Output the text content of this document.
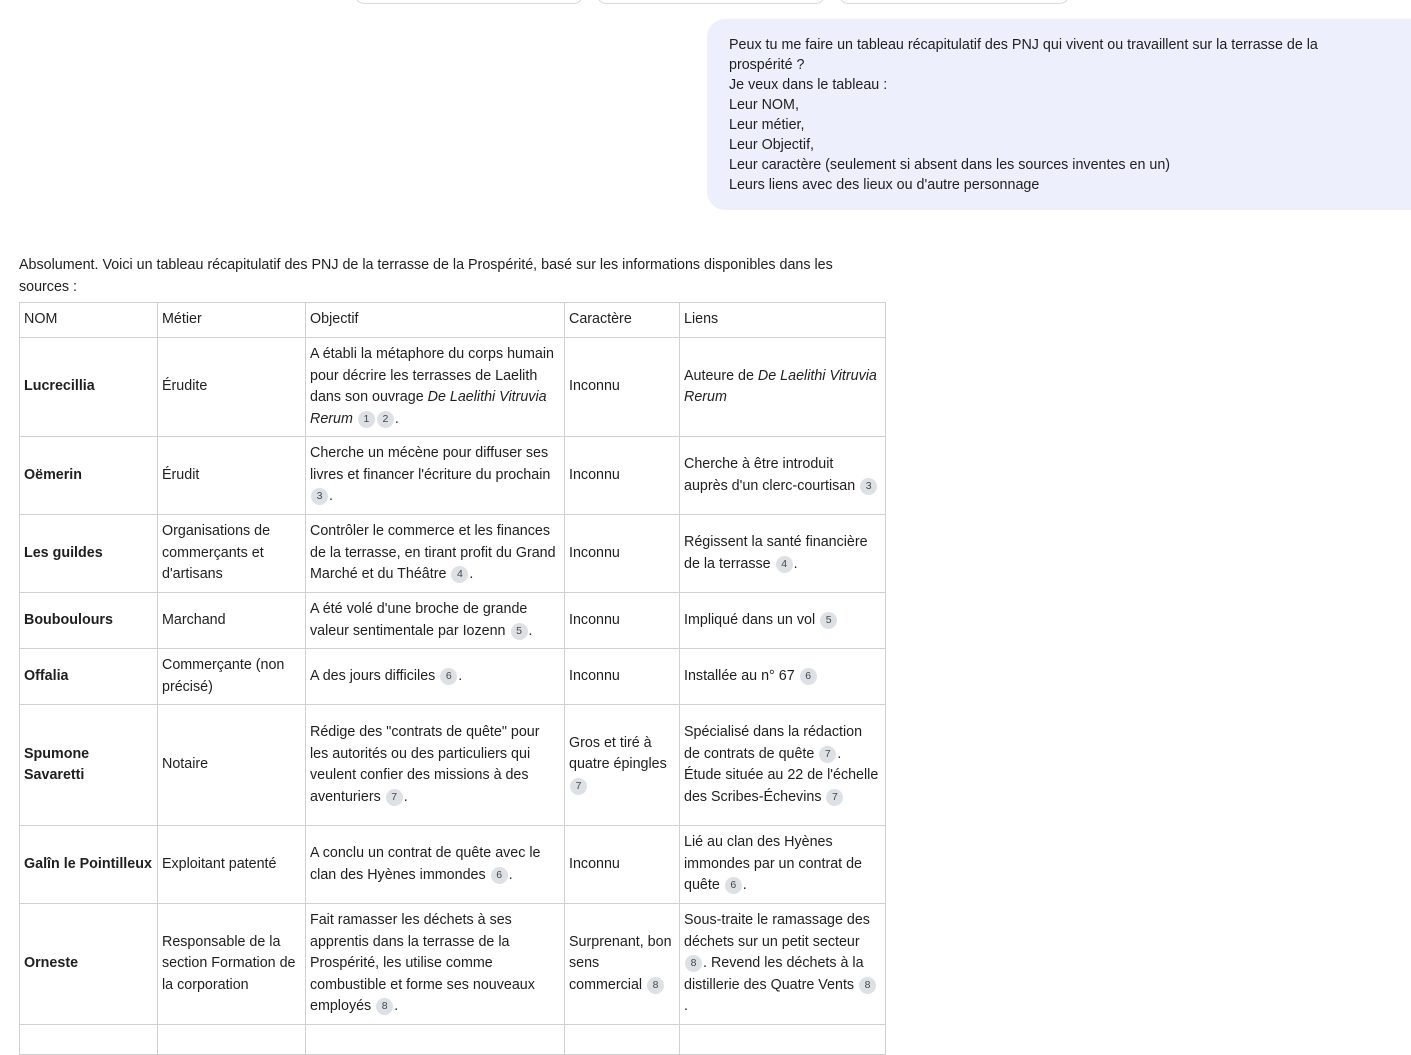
Peux tu me faire un tableau récapitulatif des PNJ qui vivent ou travaillent sur la terrasse de la
prospérité ?
Je veux dans le tableau :
Leur NOM,
Leur métier,
Leur Objectif,
Leur caractère (seulement si absent dans les sources inventes en un)
Leurs liens avec des lieux ou d'autre personnage
Absolument. Voici un tableau récapitulatif des PNJ de la terrasse de la Prospérité, basé sur les informations disponibles dans les sources :
NOM	Métier	Objectif	Caractère	Liens
Lucrecillia	Érudite	A établi la métaphore du corps humain pour décrire les terrasses de Laelith dans son ouvrage De Laelithi Vitruvia Rerum 1 2 .	Inconnu	Auteure de De Laelithi Vitruvia Rerum
Oëmerin	Érudit	Cherche un mécène pour diffuser ses livres et financer l'écriture du prochain 3 .	Inconnu	Cherche à être introduit auprès d'un clerc-courtisan 3
Les guildes	Organisations de commerçants et d'artisans	Contrôler le commerce et les finances de la terrasse, en tirant profit du Grand Marché et du Théâtre 4 .	Inconnu	Régissent la santé financière de la terrasse 4 .
Bouboulours	Marchand	A été volé d'une broche de grande valeur sentimentale par Iozenn 5 .	Inconnu	Impliqué dans un vol 5
Offalia	Commerçante (non précisé)	A des jours difficiles 6 .	Inconnu	Installée au n° 67 6
Spumone Savaretti	Notaire	Rédige des "contrats de quête" pour les autorités ou des particuliers qui veulent confier des missions à des aventuriers 7 .	Gros et tiré à quatre épingles 7	Spécialisé dans la rédaction de contrats de quête 7 . Étude située au 22 de l'échelle des Scribes-Échevins 7
Galîn le Pointilleux	Exploitant patenté	A conclu un contrat de quête avec le clan des Hyènes immondes 6 .	Inconnu	Lié au clan des Hyènes immondes par un contrat de quête 6 .
Orneste	Responsable de la section Formation de la corporation	Fait ramasser les déchets à ses apprentis dans la terrasse de la Prospérité, les utilise comme combustible et forme ses nouveaux employés 8 .	Surprenant, bon sens commercial 8	Sous-traite le ramassage des déchets sur un petit secteur 8 . Revend les déchets à la distillerie des Quatre Vents 8.
